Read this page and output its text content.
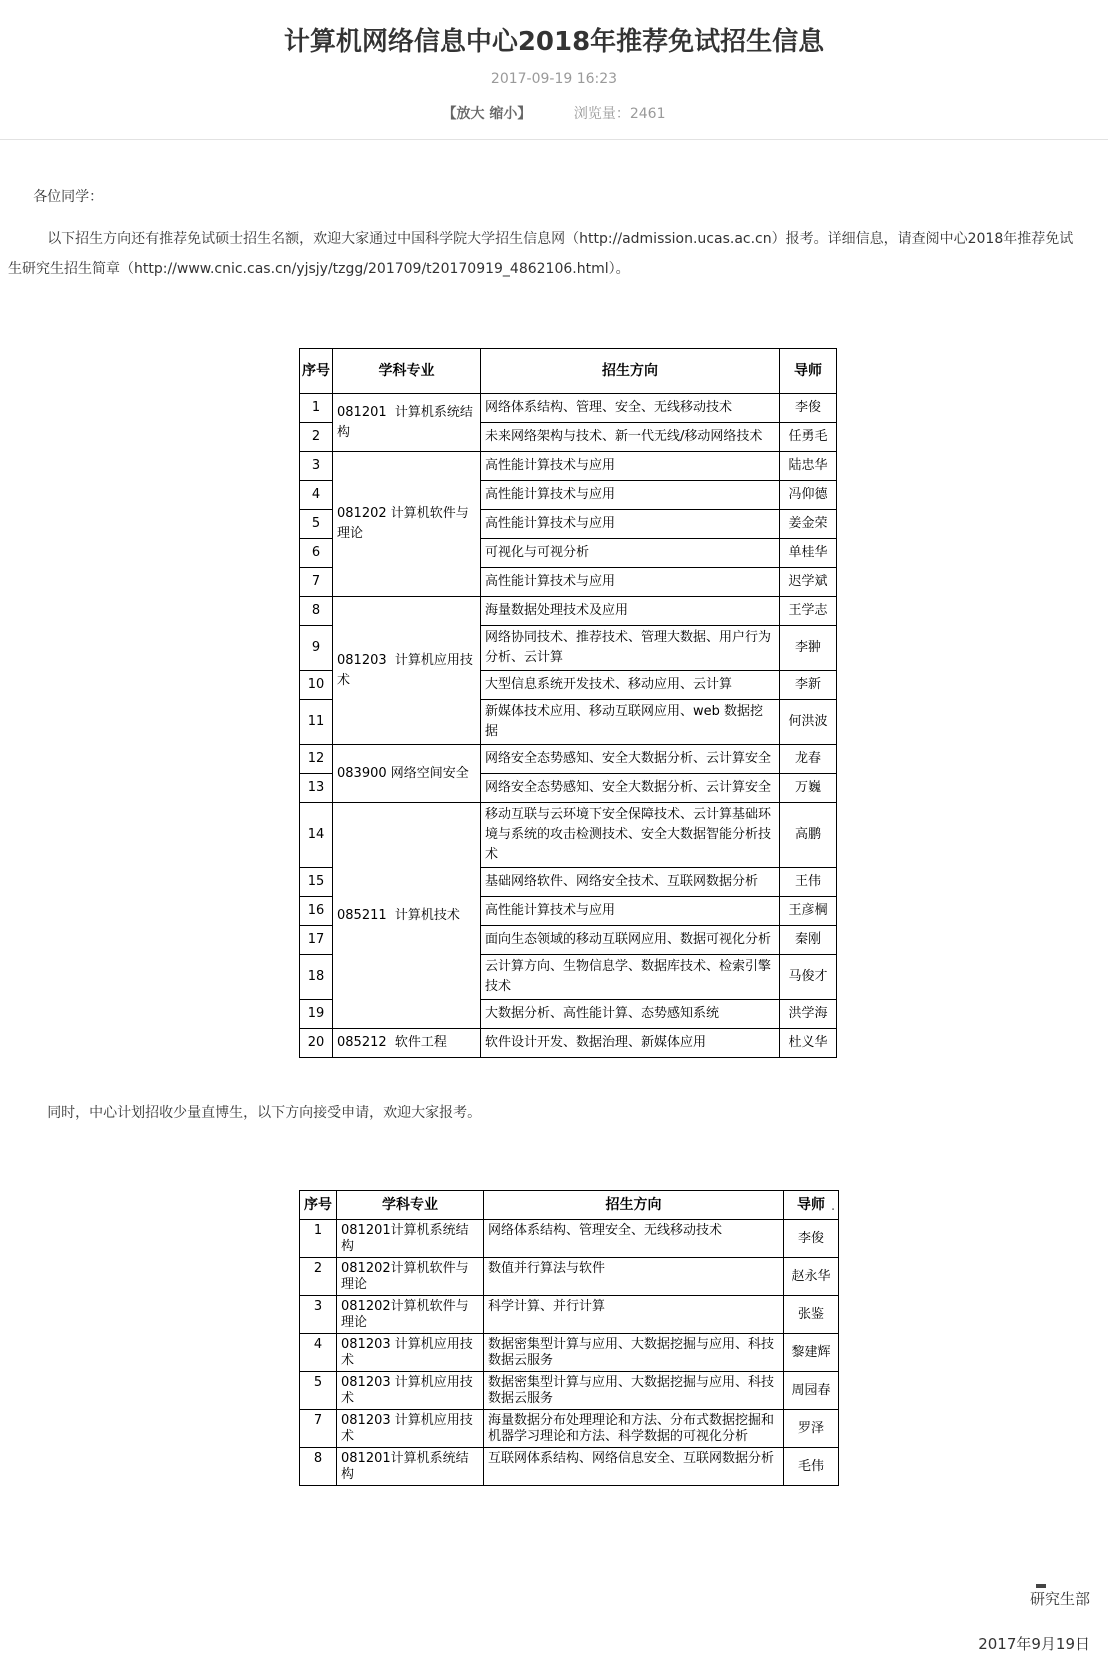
计算机网络信息中心2018年推荐免试招生信息
2017-09-19 16:23
【放大 缩小】	浏览量：2461

各位同学：

以下招生方向还有推荐免试硕士招生名额，欢迎大家通过中国科学院大学招生信息网（http://admission.ucas.ac.cn）报考。详细信息，请查阅中心2018年推荐免试生研究生招生简章（http://www.cnic.cas.cn/yjsjy/tzgg/201709/t20170919_4862106.html）。

序号	学科专业	招生方向	导师
1	081201  计算机系统结构	网络体系结构、管理、安全、无线移动技术	李俊
2		未来网络架构与技术、新一代无线/移动网络技术	任勇毛
3	081202 计算机软件与理论	高性能计算技术与应用	陆忠华
4		高性能计算技术与应用	冯仰德
5		高性能计算技术与应用	姜金荣
6		可视化与可视分析	单桂华
7		高性能计算技术与应用	迟学斌
8	081203  计算机应用技术	海量数据处理技术及应用	王学志
9		网络协同技术、推荐技术、管理大数据、用户行为分析、云计算	李翀
10		大型信息系统开发技术、移动应用、云计算	李新
11		新媒体技术应用、移动互联网应用、web 数据挖据	何洪波
12	083900 网络空间安全	网络安全态势感知、安全大数据分析、云计算安全	龙春
13		网络安全态势感知、安全大数据分析、云计算安全	万巍
14	085211  计算机技术	移动互联与云环境下安全保障技术、云计算基础环境与系统的攻击检测技术、安全大数据智能分析技术	高鹏
15		基础网络软件、网络安全技术、互联网数据分析	王伟
16		高性能计算技术与应用	王彦棡
17		面向生态领域的移动互联网应用、数据可视化分析	秦刚
18		云计算方向、生物信息学、数据库技术、检索引擎技术	马俊才
19		大数据分析、高性能计算、态势感知系统	洪学海
20	085212  软件工程	软件设计开发、数据治理、新媒体应用	杜义华

同时，中心计划招收少量直博生，以下方向接受申请，欢迎大家报考。

序号	学科专业	招生方向	导师
1	081201计算机系统结构	网络体系结构、管理安全、无线移动技术	李俊
2	081202计算机软件与理论	数值并行算法与软件	赵永华
3	081202计算机软件与理论	科学计算、并行计算	张鉴
4	081203 计算机应用技术	数据密集型计算与应用、大数据挖掘与应用、科技数据云服务	黎建辉
5	081203 计算机应用技术	数据密集型计算与应用、大数据挖掘与应用、科技数据云服务	周园春
7	081203 计算机应用技术	海量数据分布处理理论和方法、分布式数据挖掘和机器学习理论和方法、科学数据的可视化分析	罗泽
8	081201计算机系统结构	互联网体系结构、网络信息安全、互联网数据分析	毛伟
.
研究生部
2017年9月19日
